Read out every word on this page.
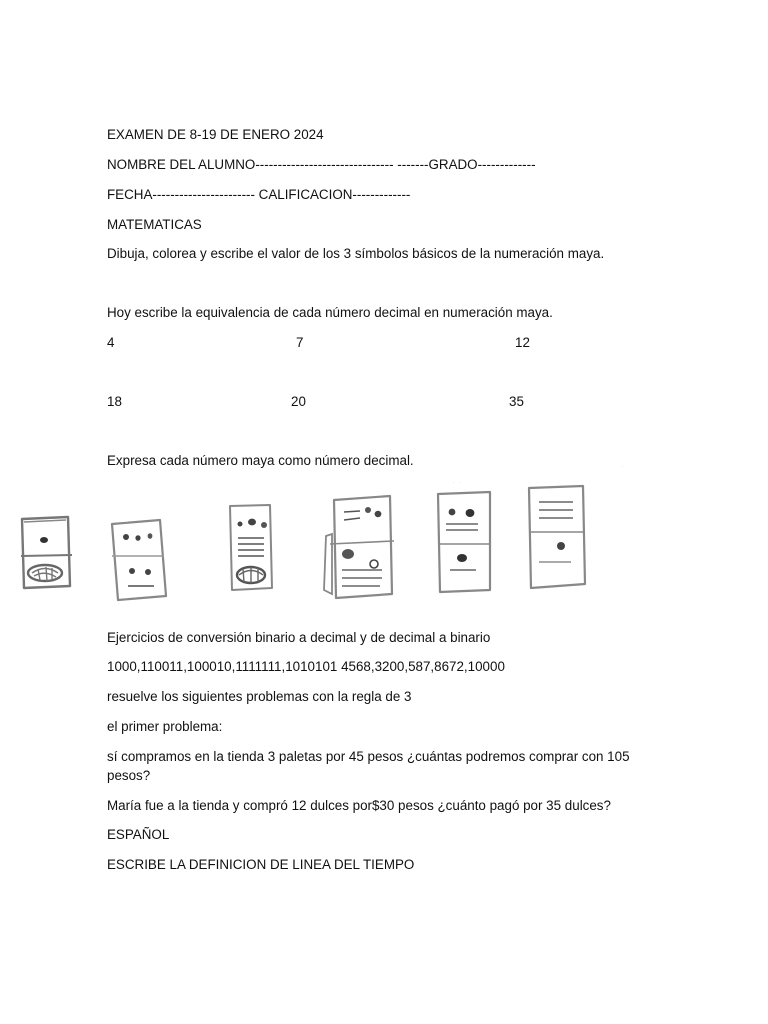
EXAMEN DE 8-19 DE ENERO 2024
NOMBRE DEL ALUMNO------------------------------- -------GRADO-------------
FECHA----------------------- CALIFICACION-------------
MATEMATICAS
Dibuja, colorea y escribe el valor de los 3 símbolos básicos de la numeración maya.
Hoy escribe la equivalencia de cada número decimal en numeración maya.
4	7	12
18	20	35
Expresa cada número maya como número decimal.
· ·
·
Ejercicios de conversión binario a decimal y de decimal a binario
1000,110011,100010,1111111,1010101 4568,3200,587,8672,10000
resuelve los siguientes problemas con la regla de 3
el primer problema:
sí compramos en la tienda 3 paletas por 45 pesos ¿cuántas podremos comprar con 105 pesos?
María fue a la tienda y compró 12 dulces por$30 pesos ¿cuánto pagó por 35 dulces?
ESPAÑOL
ESCRIBE LA DEFINICION DE LINEA DEL TIEMPO
